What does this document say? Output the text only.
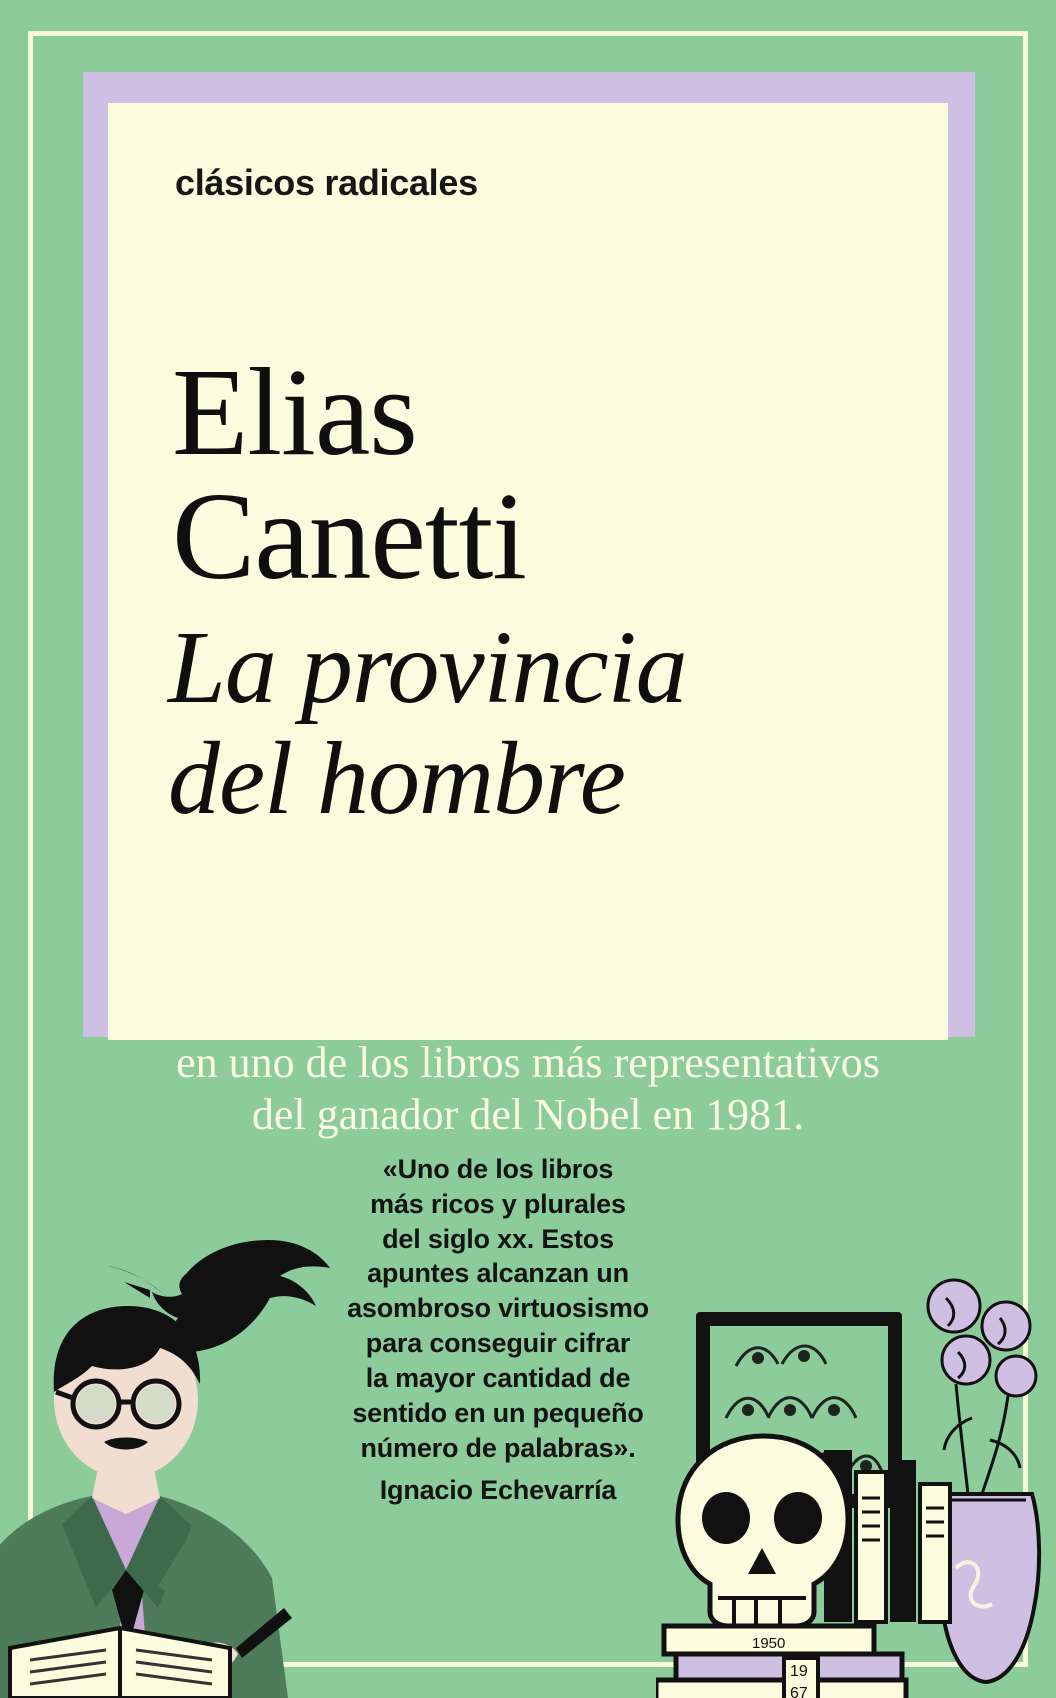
clásicos radicales
Elias
Canetti
La provincia
del hombre
Treinta años de pensamientos condensados
en uno de los libros más representativos
del ganador del Nobel en 1981.
«Uno de los libros
más ricos y plurales
del siglo xx. Estos
apuntes alcanzan un
asombroso virtuosismo
para conseguir cifrar
la mayor cantidad de
sentido en un pequeño
número de palabras».
Ignacio Echevarría
1950
19
67
